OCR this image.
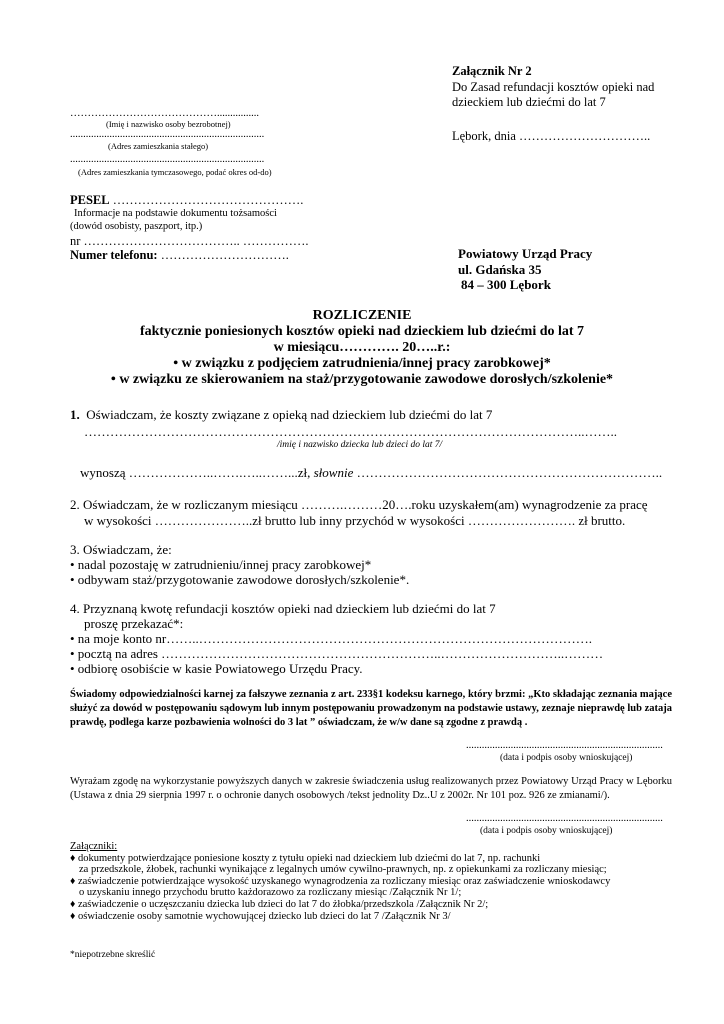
Załącznik Nr 2
Do Zasad refundacji kosztów opieki nad
dzieckiem lub dziećmi do lat 7
……………………………………................
(Imię i nazwisko osoby bezrobotnej)
..........................................................................
(Adres zamieszkania stałego)
..........................................................................
(Adres zamieszkania tymczasowego, podać okres od-do)
Lębork, dnia …………………………..
PESEL ……………………………………….
Informacje na podstawie dokumentu tożsamości
(dowód osobisty, paszport, itp.)
nr ……………………………….. …………….
Numer telefonu: ………………………….	Powiatowy Urząd Pracy
ul. Gdańska 35
84 – 300 Lębork
ROZLICZENIE
faktycznie poniesionych kosztów opieki nad dzieckiem lub dziećmi do lat 7
w miesiącu…………. 20…..r.:
• w związku z podjęciem zatrudnienia/innej pracy zarobkowej*
• w związku ze skierowaniem na staż/przygotowanie zawodowe dorosłych/szkolenie*
1. Oświadczam, że koszty związane z opieką nad dzieckiem lub dziećmi do lat 7
……………………………………………………………………………………………………..……..
/imię i nazwisko dziecka lub dzieci do lat 7/
wynoszą ………………..…….…..……...zł, słownie ……………………………………………………………..
2. Oświadczam, że w rozliczanym miesiącu ……….………20….roku uzyskałem(am) wynagrodzenie za pracę
w wysokości …………………..zł brutto lub inny przychód w wysokości ……………………. zł brutto.
3. Oświadczam, że:
• nadal pozostaję w zatrudnieniu/innej pracy zarobkowej*
• odbywam staż/przygotowanie zawodowe dorosłych/szkolenie*.
4. Przyznaną kwotę refundacji kosztów opieki nad dzieckiem lub dziećmi do lat 7
proszę przekazać*:
• na moje konto nr……..……………………………………………………………………………….
• pocztą na adres ………………………………………………………..………………………..………
• odbiorę osobiście w kasie Powiatowego Urzędu Pracy.
Świadomy odpowiedzialności karnej za fałszywe zeznania z art. 233§1 kodeksu karnego, który brzmi: „Kto składając zeznania mające służyć za dowód w postępowaniu sądowym lub innym postępowaniu prowadzonym na podstawie ustawy, zeznaje nieprawdę lub zataja prawdę, podlega karze pozbawienia wolności do 3 lat ” oświadczam, że w/w dane są zgodne z prawdą .
...........................................................................
(data i podpis osoby wnioskującej)
Wyrażam zgodę na wykorzystanie powyższych danych w zakresie świadczenia usług realizowanych przez Powiatowy Urząd Pracy w Lęborku (Ustawa z dnia 29 sierpnia 1997 r. o ochronie danych osobowych /tekst jednolity Dz..U z 2002r. Nr 101 poz. 926 ze zmianami/).
...........................................................................
(data i podpis osoby wnioskującej)
Załączniki:
♦ dokumenty potwierdzające poniesione koszty z tytułu opieki nad dzieckiem lub dziećmi do lat 7, np. rachunki
za przedszkole, żłobek, rachunki wynikające z legalnych umów cywilno-prawnych, np. z opiekunkami za rozliczany miesiąc;
♦ zaświadczenie potwierdzające wysokość uzyskanego wynagrodzenia za rozliczany miesiąc oraz zaświadczenie wnioskodawcy
o uzyskaniu innego przychodu brutto każdorazowo za rozliczany miesiąc /Załącznik Nr 1/;
♦ zaświadczenie o uczęszczaniu dziecka lub dzieci do lat 7 do żłobka/przedszkola /Załącznik Nr 2/;
♦ oświadczenie osoby samotnie wychowującej dziecko lub dzieci do lat 7 /Załącznik Nr 3/
*niepotrzebne skreślić
